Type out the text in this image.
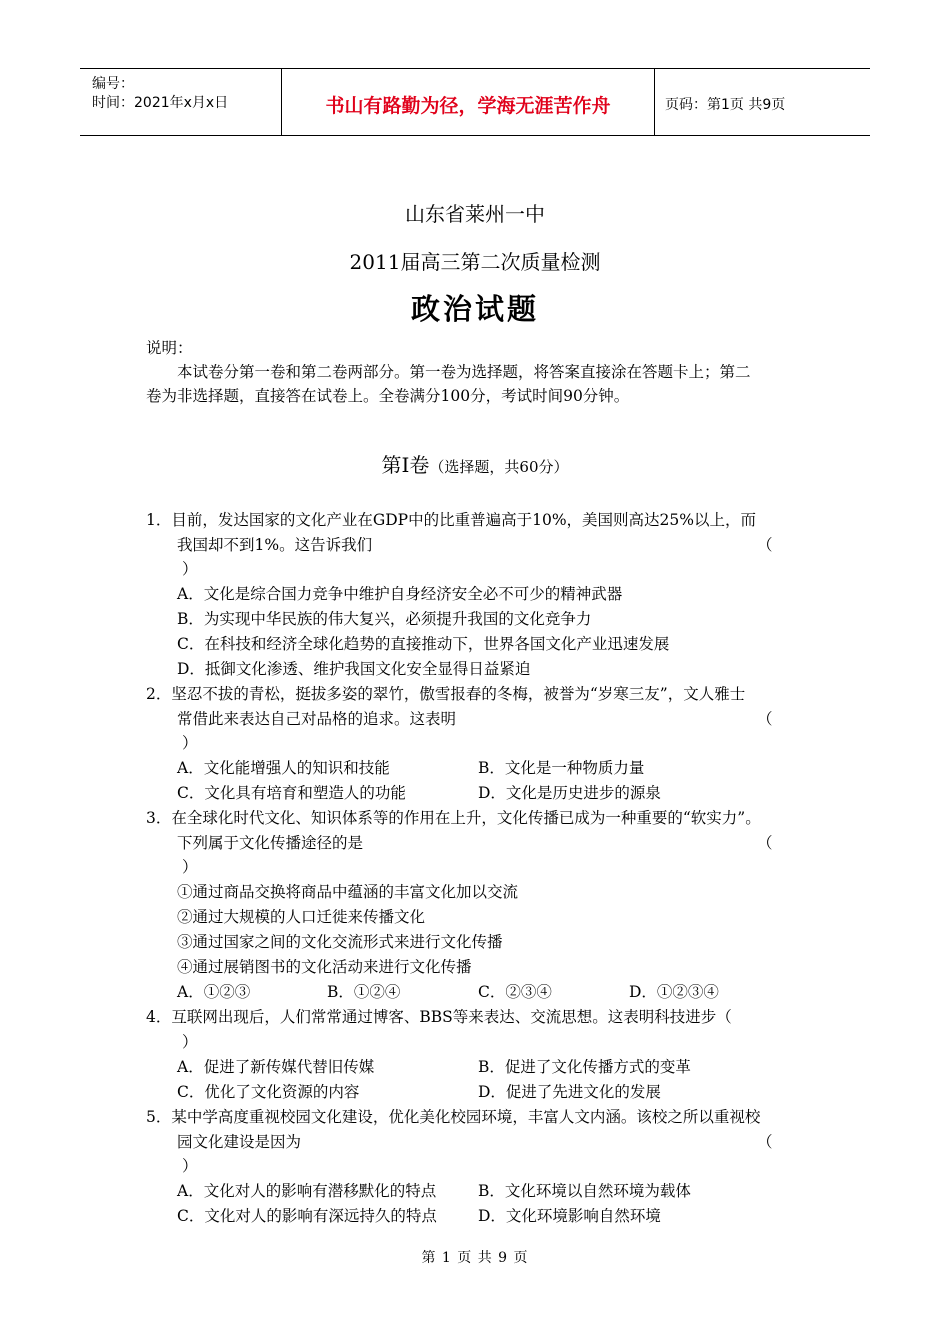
编号：
时间：2021年x月x日	书山有路勤为径，学海无涯苦作舟	页码：第1页 共9页
山东省莱州一中
2011届高三第二次质量检测
政治试题
说明：
本试卷分第一卷和第二卷两部分。第一卷为选择题，将答案直接涂在答题卡上；第二
卷为非选择题，直接答在试卷上。全卷满分100分，考试时间90分钟。
第Ⅰ卷（选择题，共60分）
1．目前，发达国家的文化产业在GDP中的比重普遍高于10%，美国则高达25%以上，而
我国却不到1%。这告诉我们	（
）
A．文化是综合国力竞争中维护自身经济安全必不可少的精神武器
B．为实现中华民族的伟大复兴，必须提升我国的文化竞争力
C．在科技和经济全球化趋势的直接推动下，世界各国文化产业迅速发展
D．抵御文化渗透、维护我国文化安全显得日益紧迫
2．坚忍不拔的青松，挺拔多姿的翠竹，傲雪报春的冬梅，被誉为“岁寒三友”，文人雅士
常借此来表达自己对品格的追求。这表明	（
）
A．文化能增强人的知识和技能	B．文化是一种物质力量
C．文化具有培育和塑造人的功能	D．文化是历史进步的源泉
3．在全球化时代文化、知识体系等的作用在上升，文化传播已成为一种重要的“软实力”。
下列属于文化传播途径的是	（
）
①通过商品交换将商品中蕴涵的丰富文化加以交流
②通过大规模的人口迁徙来传播文化
③通过国家之间的文化交流形式来进行文化传播
④通过展销图书的文化活动来进行文化传播
A．①②③	B．①②④	C．②③④	D．①②③④
4．互联网出现后，人们常常通过博客、BBS等来表达、交流思想。这表明科技进步（
）
A．促进了新传媒代替旧传媒	B．促进了文化传播方式的变革
C．优化了文化资源的内容	D．促进了先进文化的发展
5．某中学高度重视校园文化建设，优化美化校园环境，丰富人文内涵。该校之所以重视校
园文化建设是因为	（
）
A．文化对人的影响有潜移默化的特点	B．文化环境以自然环境为载体
C．文化对人的影响有深远持久的特点	D．文化环境影响自然环境
第 1 页 共 9 页
